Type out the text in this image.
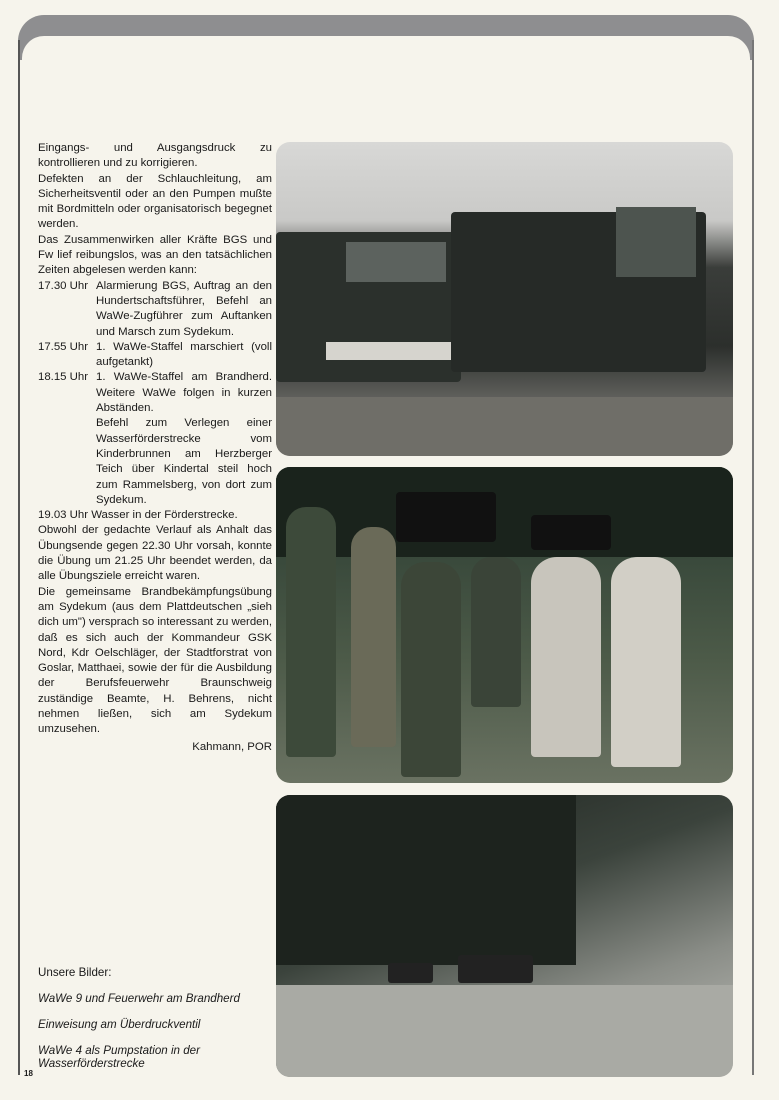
Eingangs- und Ausgangsdruck zu kontrollieren und zu korrigieren.

Defekten an der Schlauchleitung, am Sicherheitsventil oder an den Pumpen mußte mit Bordmitteln oder organisatorisch begegnet werden.

Das Zusammenwirken aller Kräfte BGS und Fw lief reibungslos, was an den tatsächlichen Zeiten abgelesen werden kann:

17.30 Uhr Alarmierung BGS, Auftrag an den Hundertschaftsführer, Befehl an WaWe-Zugführer zum Auftanken und Marsch zum Sydekum.
17.55 Uhr 1. WaWe-Staffel marschiert (voll aufgetankt)
18.15 Uhr 1. WaWe-Staffel am Brandherd. Weitere WaWe folgen in kurzen Abständen.
Befehl zum Verlegen einer Wasserförderstrecke vom Kinderbrunnen am Herzberger Teich über Kindertal steil hoch zum Rammelsberg, von dort zum Sydekum.

19.03 Uhr Wasser in der Förderstrecke.

Obwohl der gedachte Verlauf als Anhalt das Übungsende gegen 22.30 Uhr vorsah, konnte die Übung um 21.25 Uhr beendet werden, da alle Übungsziele erreicht waren.

Die gemeinsame Brandbekämpfungsübung am Sydekum (aus dem Plattdeutschen „sieh dich um") versprach so interessant zu werden, daß es sich auch der Kommandeur GSK Nord, Kdr Oelschläger, der Stadtforstrat von Goslar, Matthaei, sowie der für die Ausbildung der Berufsfeuerwehr Braunschweig zuständige Beamte, H. Behrens, nicht nehmen ließen, sich am Sydekum umzusehen.

Kahmann, POR
Unsere Bilder:
WaWe 9 und Feuerwehr am Brandherd
Einweisung am Überdruckventil
WaWe 4 als Pumpstation in der Wasserförderstrecke
18
